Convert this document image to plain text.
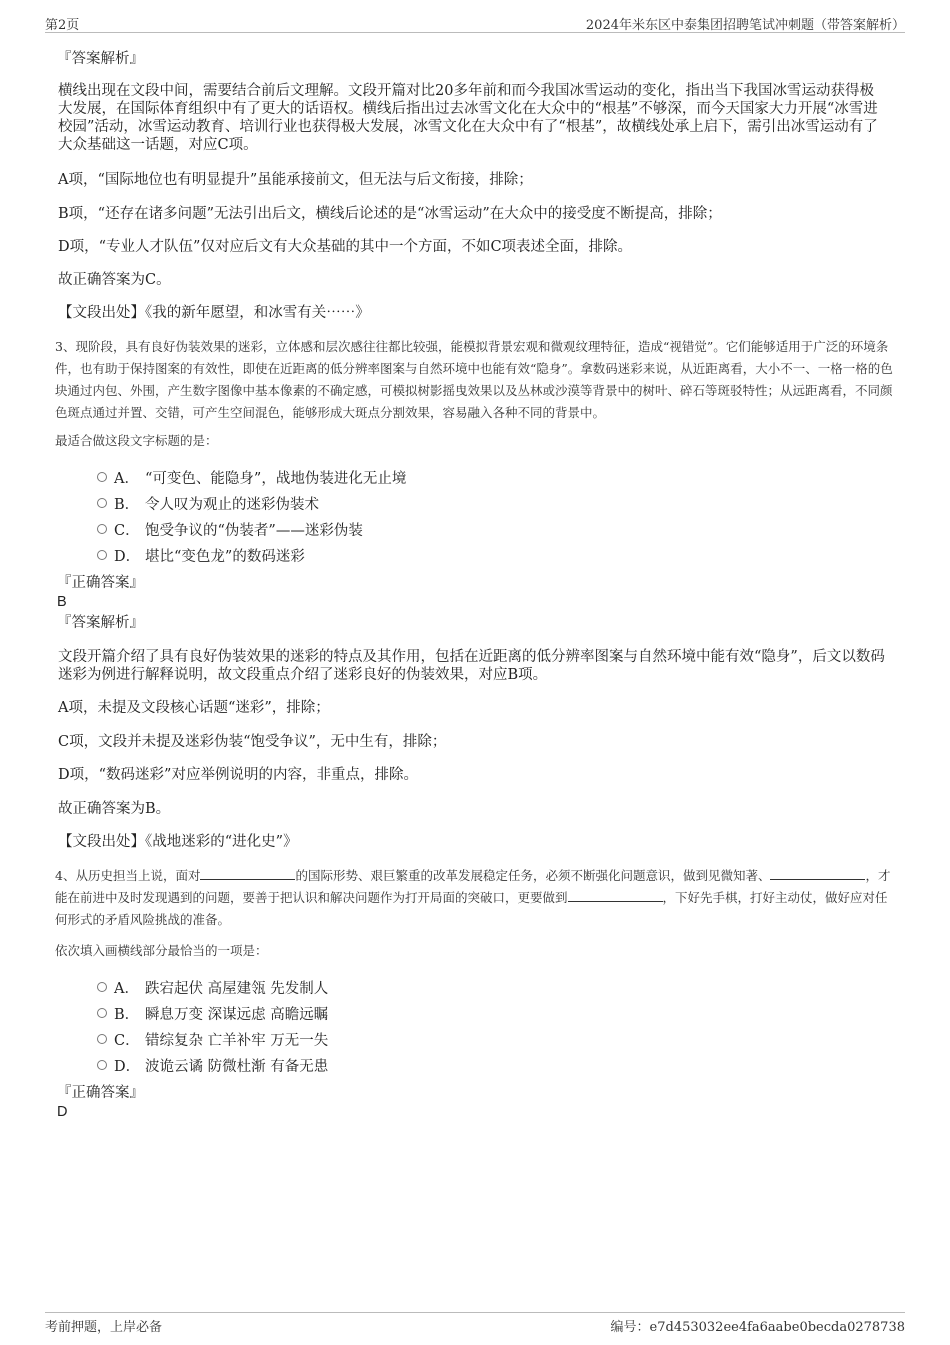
第2页	2024年米东区中泰集团招聘笔试冲刺题（带答案解析）
『答案解析』
横线出现在文段中间，需要结合前后文理解。文段开篇对比20多年前和而今我国冰雪运动的变化，指出当下我国冰雪运动获得极大发展，在国际体育组织中有了更大的话语权。横线后指出过去冰雪文化在大众中的“根基”不够深，而今天国家大力开展“冰雪进校园”活动，冰雪运动教育、培训行业也获得极大发展，冰雪文化在大众中有了“根基”，故横线处承上启下，需引出冰雪运动有了大众基础这一话题，对应C项。
A项，“国际地位也有明显提升”虽能承接前文，但无法与后文衔接，排除；
B项，“还存在诸多问题”无法引出后文，横线后论述的是“冰雪运动”在大众中的接受度不断提高，排除；
D项，“专业人才队伍”仅对应后文有大众基础的其中一个方面，不如C项表述全面，排除。
故正确答案为C。
【文段出处】《我的新年愿望，和冰雪有关⋯⋯》
3、现阶段，具有良好伪装效果的迷彩，立体感和层次感往往都比较强，能模拟背景宏观和微观纹理特征，造成“视错觉”。它们能够适用于广泛的环境条件，也有助于保持图案的有效性，即使在近距离的低分辨率图案与自然环境中也能有效“隐身”。拿数码迷彩来说，从近距离看，大小不一、一格一格的色块通过内包、外围，产生数字图像中基本像素的不确定感，可模拟树影摇曳效果以及丛林或沙漠等背景中的树叶、碎石等斑驳特性；从远距离看，不同颜色斑点通过并置、交错，可产生空间混色，能够形成大斑点分割效果，容易融入各种不同的背景中。
最适合做这段文字标题的是：
A． “可变色、能隐身”，战地伪装进化无止境
B． 令人叹为观止的迷彩伪装术
C． 饱受争议的“伪装者”——迷彩伪装
D． 堪比“变色龙”的数码迷彩
『正确答案』
B
『答案解析』
文段开篇介绍了具有良好伪装效果的迷彩的特点及其作用，包括在近距离的低分辨率图案与自然环境中能有效“隐身”，后文以数码迷彩为例进行解释说明，故文段重点介绍了迷彩良好的伪装效果，对应B项。
A项，未提及文段核心话题“迷彩”，排除；
C项，文段并未提及迷彩伪装“饱受争议”，无中生有，排除；
D项，“数码迷彩”对应举例说明的内容，非重点，排除。
故正确答案为B。
【文段出处】《战地迷彩的“进化史”》
4、从历史担当上说，面对	的国际形势、艰巨繁重的改革发展稳定任务，必须不断强化问题意识，做到见微知著、	，才能在前进中及时发现遇到的问题，要善于把认识和解决问题作为打开局面的突破口，更要做到	，下好先手棋，打好主动仗，做好应对任何形式的矛盾风险挑战的准备。
依次填入画横线部分最恰当的一项是：
A． 跌宕起伏 高屋建瓴 先发制人
B． 瞬息万变 深谋远虑 高瞻远瞩
C． 错综复杂 亡羊补牢 万无一失
D． 波诡云谲 防微杜渐 有备无患
『正确答案』
D
考前押题，上岸必备	编号：e7d453032ee4fa6aabe0becda0278738
